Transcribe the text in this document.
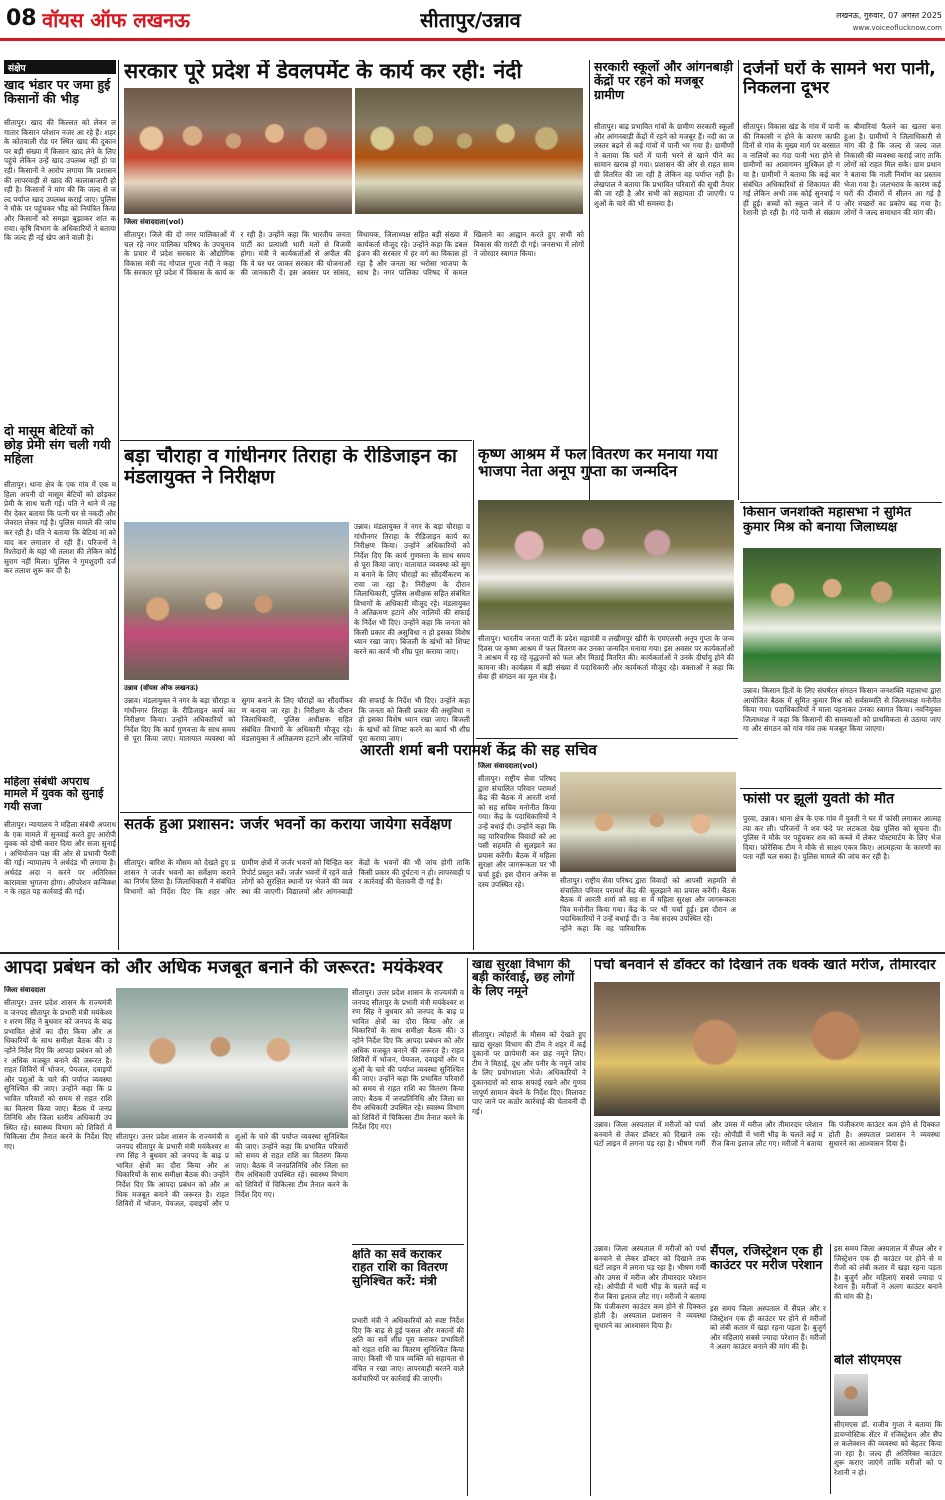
08 वॉयस ऑफ लखनऊ	सीतापुर/उन्नाव	लखनऊ, गुरुवार, 07 अगस्त 2025
www.voiceoflucknow.com
संक्षेप
खाद भंडार पर जमा हुई किसानों की भीड़
सीतापुर। खाद की किल्लत को लेकर लगातार किसान परेशान नजर आ रहे हैं। शहर के कोतवाली रोड पर स्थित खाद की दुकान पर बड़ी संख्या में किसान खाद लेने के लिए पहुंचे लेकिन उन्हें खाद उपलब्ध नहीं हो पा रही। किसानों ने आरोप लगाया कि प्रशासन की लापरवाही से खाद की कालाबाजारी हो रही है। किसानों ने मांग की कि जल्द से जल्द पर्याप्त खाद उपलब्ध कराई जाए। पुलिस ने मौके पर पहुंचकर भीड़ को नियंत्रित किया और किसानों को समझा बुझाकर शांत कराया। कृषि विभाग के अधिकारियों ने बताया कि जल्द ही नई खेप आने वाली है।
दो मासूम बेटियों को छोड़ प्रेमी संग चली गयी महिला
सीतापुर। थाना क्षेत्र के एक गांव में एक महिला अपनी दो मासूम बेटियों को छोड़कर प्रेमी के साथ चली गई। पति ने थाने में तहरीर देकर बताया कि पत्नी घर से नकदी और जेवरात लेकर गई है। पुलिस मामले की जांच कर रही है। पति ने बताया कि बेटियां मां को याद कर लगातार रो रही हैं। परिजनों ने रिश्तेदारों के यहां भी तलाश की लेकिन कोई सुराग नहीं मिला। पुलिस ने गुमशुदगी दर्ज कर तलाश शुरू कर दी है।
महिला संबंधी अपराध मामले में युवक को सुनाई गयी सजा
सीतापुर। न्यायालय ने महिला संबंधी अपराध के एक मामले में सुनवाई करते हुए आरोपी युवक को दोषी करार दिया और सजा सुनाई। अभियोजन पक्ष की ओर से प्रभावी पैरवी की गई। न्यायालय ने अर्थदंड भी लगाया है। अर्थदंड अदा न करने पर अतिरिक्त कारावास भुगतना होगा। ऑपरेशन कन्विक्शन के तहत यह कार्रवाई की गई।
सरकार पूरे प्रदेश में डेवलपमेंट के कार्य कर रही: नंदी
जिला संवाददाता(vol)
सीतापुर। जिले की दो नगर पालिकाओं में चल रहे नगर पालिका परिषद के उपचुनाव के प्रचार में प्रदेश सरकार के औद्योगिक विकास मंत्री नंद गोपाल गुप्ता नंदी ने कहा कि सरकार पूरे प्रदेश में विकास के कार्य कर रही है। उन्होंने कहा कि भारतीय जनता पार्टी का प्रत्याशी भारी मतों से विजयी होगा। मंत्री ने कार्यकर्ताओं से अपील की कि वे घर घर जाकर सरकार की योजनाओं की जानकारी दें। इस अवसर पर सांसद, विधायक, जिलाध्यक्ष सहित बड़ी संख्या में कार्यकर्ता मौजूद रहे। उन्होंने कहा कि डबल इंजन की सरकार में हर वर्ग का विकास हो रहा है और जनता का भरोसा भाजपा के साथ है। नगर पालिका परिषद में कमल खिलाने का आह्वान करते हुए सभी को विकास की गारंटी दी गई। जनसभा में लोगों ने जोरदार स्वागत किया।
सरकारी स्कूलों और आंगनबाड़ी केंद्रों पर रहने को मजबूर ग्रामीण
सीतापुर। बाढ़ प्रभावित गांवों के ग्रामीण सरकारी स्कूलों और आंगनबाड़ी केंद्रों में रहने को मजबूर हैं। नदी का जलस्तर बढ़ने से कई गांवों में पानी भर गया है। ग्रामीणों ने बताया कि घरों में पानी भरने से खाने पीने का सामान खराब हो गया। प्रशासन की ओर से राहत सामग्री वितरित की जा रही है लेकिन वह पर्याप्त नहीं है। लेखपाल ने बताया कि प्रभावित परिवारों की सूची तैयार की जा रही है और सभी को सहायता दी जाएगी। पशुओं के चारे की भी समस्या है।
दर्जनों घरों के सामने भरा पानी, निकलना दूभर
सीतापुर। विकास खंड के गांव में पानी की निकासी न होने के कारण काफी दिनों से गांव के मुख्य मार्ग पर बरसात व नालियों का गंदा पानी भरा होने से ग्रामीणों का आवागमन मुश्किल हो गया है। ग्रामीणों ने बताया कि कई बार संबंधित अधिकारियों से शिकायत की गई लेकिन अभी तक कोई सुनवाई नहीं हुई। बच्चों को स्कूल जाने में परेशानी हो रही है। गंदे पानी से संक्रामक बीमारियां फैलने का खतरा बना हुआ है। ग्रामीणों ने जिलाधिकारी से मांग की है कि जल्द से जल्द जल निकासी की व्यवस्था कराई जाए ताकि लोगों को राहत मिल सके। ग्राम प्रधान ने बताया कि नाली निर्माण का प्रस्ताव भेजा गया है। जलभराव के कारण कई घरों की दीवारों में सीलन आ गई है और मच्छरों का प्रकोप बढ़ गया है। लोगों ने जल्द समाधान की मांग की।
बड़ा चौराहा व गांधीनगर तिराहा के रीडिजाइन का मंडलायुक्त ने निरीक्षण
उन्नाव। मंडलायुक्त ने नगर के बड़ा चौराहा व गांधीनगर तिराहा के रीडिजाइन कार्य का निरीक्षण किया। उन्होंने अधिकारियों को निर्देश दिए कि कार्य गुणवत्ता के साथ समय से पूरा किया जाए। यातायात व्यवस्था को सुगम बनाने के लिए चौराहों का सौंदर्यीकरण कराया जा रहा है। निरीक्षण के दौरान जिलाधिकारी, पुलिस अधीक्षक सहित संबंधित विभागों के अधिकारी मौजूद रहे। मंडलायुक्त ने अतिक्रमण हटाने और नालियों की सफाई के निर्देश भी दिए। उन्होंने कहा कि जनता को किसी प्रकार की असुविधा न हो इसका विशेष ध्यान रखा जाए। बिजली के खंभों को शिफ्ट करने का कार्य भी शीघ्र पूरा कराया जाए।
उन्नाव (वॉयस ऑफ लखनऊ)
उन्नाव। मंडलायुक्त ने नगर के बड़ा चौराहा व गांधीनगर तिराहा के रीडिजाइन कार्य का निरीक्षण किया। उन्होंने अधिकारियों को निर्देश दिए कि कार्य गुणवत्ता के साथ समय से पूरा किया जाए। यातायात व्यवस्था को सुगम बनाने के लिए चौराहों का सौंदर्यीकरण कराया जा रहा है। निरीक्षण के दौरान जिलाधिकारी, पुलिस अधीक्षक सहित संबंधित विभागों के अधिकारी मौजूद रहे। मंडलायुक्त ने अतिक्रमण हटाने और नालियों की सफाई के निर्देश भी दिए। उन्होंने कहा कि जनता को किसी प्रकार की असुविधा न हो इसका विशेष ध्यान रखा जाए। बिजली के खंभों को शिफ्ट करने का कार्य भी शीघ्र पूरा कराया जाए।
सतर्क हुआ प्रशासन: जर्जर भवनों का कराया जायेगा सर्वेक्षण
सीतापुर। बारिश के मौसम को देखते हुए प्रशासन ने जर्जर भवनों का सर्वेक्षण कराने का निर्णय लिया है। जिलाधिकारी ने संबंधित विभागों को निर्देश दिए कि शहर और ग्रामीण क्षेत्रों में जर्जर भवनों को चिन्हित कर रिपोर्ट प्रस्तुत करें। जर्जर भवनों में रहने वाले लोगों को सुरक्षित स्थानों पर भेजने की व्यवस्था की जाएगी। विद्यालयों और आंगनबाड़ी केंद्रों के भवनों की भी जांच होगी ताकि किसी प्रकार की दुर्घटना न हो। लापरवाही पर कार्रवाई की चेतावनी दी गई है।
कृष्ण आश्रम में फल वितरण कर मनाया गया भाजपा नेता अनूप गुप्ता का जन्मदिन
सीतापुर। भारतीय जनता पार्टी के प्रदेश महामंत्री व लखीमपुर खीरी के एमएलसी अनूप गुप्ता के जन्मदिवस पर कृष्ण आश्रम में फल वितरण कर उनका जन्मदिन मनाया गया। इस अवसर पर कार्यकर्ताओं ने आश्रम में रह रहे वृद्धजनों को फल और मिठाई वितरित की। कार्यकर्ताओं ने उनके दीर्घायु होने की कामना की। कार्यक्रम में बड़ी संख्या में पदाधिकारी और कार्यकर्ता मौजूद रहे। वक्ताओं ने कहा कि सेवा ही संगठन का मूल मंत्र है।
किसान जनशक्ति महासभा ने सुमित कुमार मिश्र को बनाया जिलाध्यक्ष
उन्नाव। किसान हितों के लिए संघर्षरत संगठन किसान जनशक्ति महासभा द्वारा आयोजित बैठक में सुमित कुमार मिश्र को सर्वसम्मति से जिलाध्यक्ष मनोनीत किया गया। पदाधिकारियों ने माला पहनाकर उनका स्वागत किया। नवनियुक्त जिलाध्यक्ष ने कहा कि किसानों की समस्याओं को प्राथमिकता से उठाया जाएगा और संगठन को गांव गांव तक मजबूत किया जाएगा।
फांसी पर झूली युवती की मौत
पुरवा, उन्नाव। थाना क्षेत्र के एक गांव में युवती ने घर में फांसी लगाकर आत्महत्या कर ली। परिजनों ने शव फंदे पर लटकता देख पुलिस को सूचना दी। पुलिस ने मौके पर पहुंचकर शव को कब्जे में लेकर पोस्टमार्टम के लिए भेज दिया। फोरेंसिक टीम ने मौके से साक्ष्य एकत्र किए। आत्महत्या के कारणों का पता नहीं चल सका है। पुलिस मामले की जांच कर रही है।
आरती शर्मा बनी परामर्श केंद्र की सह सचिव
जिला संवाददाता(vol)
सीतापुर। राष्ट्रीय सेवा परिषद द्वारा संचालित परिवार परामर्श केंद्र की बैठक में आरती शर्मा को सह सचिव मनोनीत किया गया। केंद्र के पदाधिकारियों ने उन्हें बधाई दी। उन्होंने कहा कि वह पारिवारिक विवादों को आपसी सहमति से सुलझाने का प्रयास करेंगी। बैठक में महिला सुरक्षा और जागरूकता पर भी चर्चा हुई। इस दौरान अनेक सदस्य उपस्थित रहे।	सीतापुर। राष्ट्रीय सेवा परिषद द्वारा संचालित परिवार परामर्श केंद्र की बैठक में आरती शर्मा को सह सचिव मनोनीत किया गया। केंद्र के पदाधिकारियों ने उन्हें बधाई दी। उन्होंने कहा कि वह पारिवारिक विवादों को आपसी सहमति से सुलझाने का प्रयास करेंगी। बैठक में महिला सुरक्षा और जागरूकता पर भी चर्चा हुई। इस दौरान अनेक सदस्य उपस्थित रहे।
आपदा प्रबंधन को और अधिक मजबूत बनाने की जरूरत: मयंकेश्वर
जिला संवाददाता
सीतापुर। उत्तर प्रदेश शासन के राज्यमंत्री व जनपद सीतापुर के प्रभारी मंत्री मयंकेश्वर शरण सिंह ने बुधवार को जनपद के बाढ़ प्रभावित क्षेत्रों का दौरा किया और अधिकारियों के साथ समीक्षा बैठक की। उन्होंने निर्देश दिए कि आपदा प्रबंधन को और अधिक मजबूत बनाने की जरूरत है। राहत शिविरों में भोजन, पेयजल, दवाइयों और पशुओं के चारे की पर्याप्त व्यवस्था सुनिश्चित की जाए। उन्होंने कहा कि प्रभावित परिवारों को समय से राहत राशि का वितरण किया जाए। बैठक में जनप्रतिनिधि और जिला स्तरीय अधिकारी उपस्थित रहे। स्वास्थ्य विभाग को शिविरों में चिकित्सा टीम तैनात करने के निर्देश दिए गए।
सीतापुर। उत्तर प्रदेश शासन के राज्यमंत्री व जनपद सीतापुर के प्रभारी मंत्री मयंकेश्वर शरण सिंह ने बुधवार को जनपद के बाढ़ प्रभावित क्षेत्रों का दौरा किया और अधिकारियों के साथ समीक्षा बैठक की। उन्होंने निर्देश दिए कि आपदा प्रबंधन को और अधिक मजबूत बनाने की जरूरत है। राहत शिविरों में भोजन, पेयजल, दवाइयों और पशुओं के चारे की पर्याप्त व्यवस्था सुनिश्चित की जाए। उन्होंने कहा कि प्रभावित परिवारों को समय से राहत राशि का वितरण किया जाए। बैठक में जनप्रतिनिधि और जिला स्तरीय अधिकारी उपस्थित रहे। स्वास्थ्य विभाग को शिविरों में चिकित्सा टीम तैनात करने के निर्देश दिए गए।
सीतापुर। उत्तर प्रदेश शासन के राज्यमंत्री व जनपद सीतापुर के प्रभारी मंत्री मयंकेश्वर शरण सिंह ने बुधवार को जनपद के बाढ़ प्रभावित क्षेत्रों का दौरा किया और अधिकारियों के साथ समीक्षा बैठक की। उन्होंने निर्देश दिए कि आपदा प्रबंधन को और अधिक मजबूत बनाने की जरूरत है। राहत शिविरों में भोजन, पेयजल, दवाइयों और पशुओं के चारे की पर्याप्त व्यवस्था सुनिश्चित की जाए। उन्होंने कहा कि प्रभावित परिवारों को समय से राहत राशि का वितरण किया जाए। बैठक में जनप्रतिनिधि और जिला स्तरीय अधिकारी उपस्थित रहे। स्वास्थ्य विभाग को शिविरों में चिकित्सा टीम तैनात करने के निर्देश दिए गए।
क्षति का सर्वे कराकर राहत राशि का वितरण सुनिश्चित करें: मंत्री
प्रभारी मंत्री ने अधिकारियों को स्पष्ट निर्देश दिए कि बाढ़ से हुई फसल और मकानों की क्षति का सर्वे शीघ्र पूरा कराकर प्रभावितों को राहत राशि का वितरण सुनिश्चित किया जाए। किसी भी पात्र व्यक्ति को सहायता से वंचित न रखा जाए। लापरवाही बरतने वाले कर्मचारियों पर कार्रवाई की जाएगी।
खाद्य सुरक्षा विभाग की बड़ी कार्रवाई, छह लोगों के लिए नमूने
सीतापुर। त्योहारों के मौसम को देखते हुए खाद्य सुरक्षा विभाग की टीम ने शहर में कई दुकानों पर छापेमारी कर छह नमूने लिए। टीम ने मिठाई, दूध और पनीर के नमूने जांच के लिए प्रयोगशाला भेजे। अधिकारियों ने दुकानदारों को साफ सफाई रखने और गुणवत्तापूर्ण सामान बेचने के निर्देश दिए। मिलावट पाए जाने पर कठोर कार्रवाई की चेतावनी दी गई।
पर्चा बनवाने से डॉक्टर को दिखाने तक धक्के खाते मरीज, तीमारदार
उन्नाव। जिला अस्पताल में मरीजों को पर्चा बनवाने से लेकर डॉक्टर को दिखाने तक घंटों लाइन में लगना पड़ रहा है। भीषण गर्मी और उमस में मरीज और तीमारदार परेशान रहे। ओपीडी में भारी भीड़ के चलते कई मरीज बिना इलाज लौट गए। मरीजों ने बताया कि पंजीकरण काउंटर कम होने से दिक्कत होती है। अस्पताल प्रशासन ने व्यवस्था सुधारने का आश्वासन दिया है।
सैंपल, रजिस्ट्रेशन एक ही काउंटर पर मरीज परेशान
इस समय जिला अस्पताल में सैंपल और रजिस्ट्रेशन एक ही काउंटर पर होने से मरीजों को लंबी कतार में खड़ा रहना पड़ता है। बुजुर्ग और महिलाएं सबसे ज्यादा परेशान हैं। मरीजों ने अलग काउंटर बनाने की मांग की है।
उन्नाव। जिला अस्पताल में मरीजों को पर्चा बनवाने से लेकर डॉक्टर को दिखाने तक घंटों लाइन में लगना पड़ रहा है। भीषण गर्मी और उमस में मरीज और तीमारदार परेशान रहे। ओपीडी में भारी भीड़ के चलते कई मरीज बिना इलाज लौट गए। मरीजों ने बताया कि पंजीकरण काउंटर कम होने से दिक्कत होती है। अस्पताल प्रशासन ने व्यवस्था सुधारने का आश्वासन दिया है।
इस समय जिला अस्पताल में सैंपल और रजिस्ट्रेशन एक ही काउंटर पर होने से मरीजों को लंबी कतार में खड़ा रहना पड़ता है। बुजुर्ग और महिलाएं सबसे ज्यादा परेशान हैं। मरीजों ने अलग काउंटर बनाने की मांग की है।
बोले सीएमएस
सीएमएस डॉ. राजीव गुप्ता ने बताया कि डायग्नोस्टिक सेंटर में रजिस्ट्रेशन और सैंपल कलेक्शन की व्यवस्था को बेहतर किया जा रहा है। जल्द ही अतिरिक्त काउंटर शुरू कराए जाएंगे ताकि मरीजों को परेशानी न हो।
